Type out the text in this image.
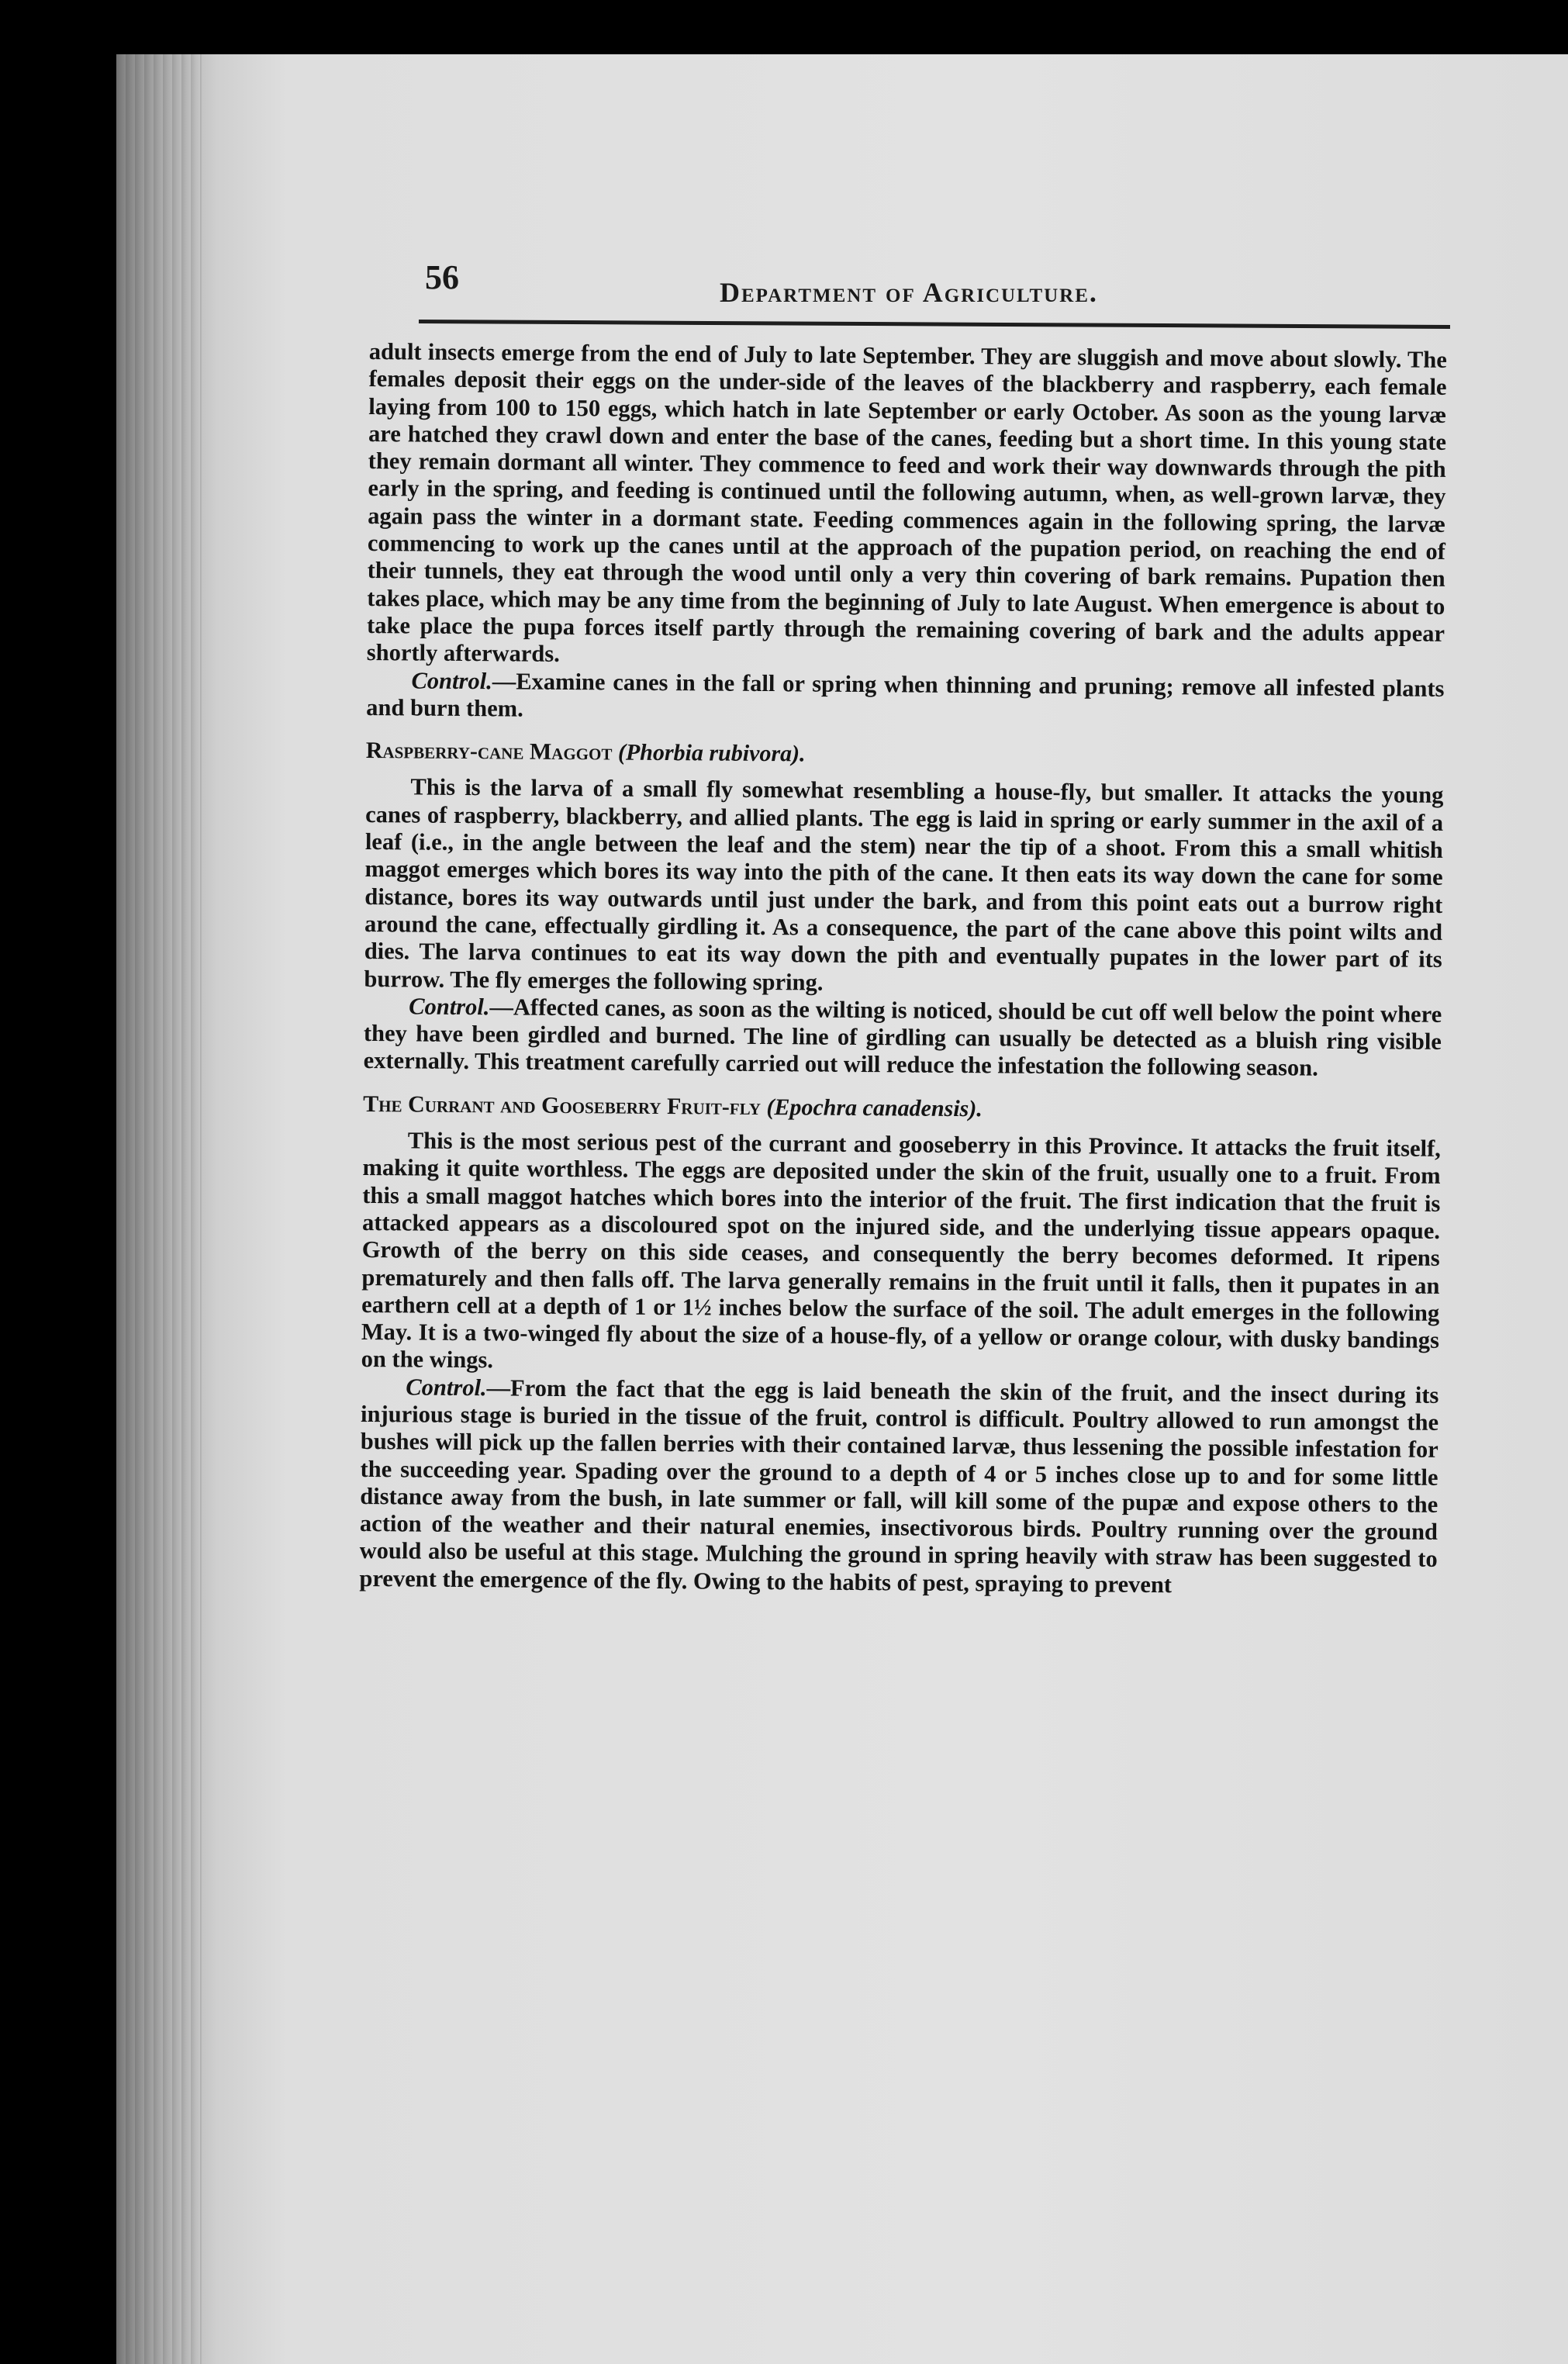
56	Department of Agriculture.

adult insects emerge from the end of July to late September. They are sluggish and move about slowly. The females deposit their eggs on the under-side of the leaves of the blackberry and raspberry, each female laying from 100 to 150 eggs, which hatch in late September or early October. As soon as the young larvæ are hatched they crawl down and enter the base of the canes, feeding but a short time. In this young state they remain dormant all winter. They commence to feed and work their way downwards through the pith early in the spring, and feeding is continued until the following autumn, when, as well-grown larvæ, they again pass the winter in a dormant state. Feeding commences again in the following spring, the larvæ commencing to work up the canes until at the approach of the pupation period, on reaching the end of their tunnels, they eat through the wood until only a very thin covering of bark remains. Pupation then takes place, which may be any time from the beginning of July to late August. When emergence is about to take place the pupa forces itself partly through the remaining covering of bark and the adults appear shortly afterwards.

Control.—Examine canes in the fall or spring when thinning and pruning; remove all infested plants and burn them.

Raspberry-cane Maggot (Phorbia rubivora).

This is the larva of a small fly somewhat resembling a house-fly, but smaller. It attacks the young canes of raspberry, blackberry, and allied plants. The egg is laid in spring or early summer in the axil of a leaf (i.e., in the angle between the leaf and the stem) near the tip of a shoot. From this a small whitish maggot emerges which bores its way into the pith of the cane. It then eats its way down the cane for some distance, bores its way outwards until just under the bark, and from this point eats out a burrow right around the cane, effectually girdling it. As a consequence, the part of the cane above this point wilts and dies. The larva continues to eat its way down the pith and eventually pupates in the lower part of its burrow. The fly emerges the following spring.

Control.—Affected canes, as soon as the wilting is noticed, should be cut off well below the point where they have been girdled and burned. The line of girdling can usually be detected as a bluish ring visible externally. This treatment carefully carried out will reduce the infestation the following season.

The Currant and Gooseberry Fruit-fly (Epochra canadensis).

This is the most serious pest of the currant and gooseberry in this Province. It attacks the fruit itself, making it quite worthless. The eggs are deposited under the skin of the fruit, usually one to a fruit. From this a small maggot hatches which bores into the interior of the fruit. The first indication that the fruit is attacked appears as a discoloured spot on the injured side, and the underlying tissue appears opaque. Growth of the berry on this side ceases, and consequently the berry becomes deformed. It ripens prematurely and then falls off. The larva generally remains in the fruit until it falls, then it pupates in an earthern cell at a depth of 1 or 1½ inches below the surface of the soil. The adult emerges in the following May. It is a two-winged fly about the size of a house-fly, of a yellow or orange colour, with dusky bandings on the wings.

Control.—From the fact that the egg is laid beneath the skin of the fruit, and the insect during its injurious stage is buried in the tissue of the fruit, control is difficult. Poultry allowed to run amongst the bushes will pick up the fallen berries with their contained larvæ, thus lessening the possible infestation for the succeeding year. Spading over the ground to a depth of 4 or 5 inches close up to and for some little distance away from the bush, in late summer or fall, will kill some of the pupæ and expose others to the action of the weather and their natural enemies, insectivorous birds. Poultry running over the ground would also be useful at this stage. Mulching the ground in spring heavily with straw has been suggested to prevent the emergence of the fly. Owing to the habits of pest, spraying to prevent
